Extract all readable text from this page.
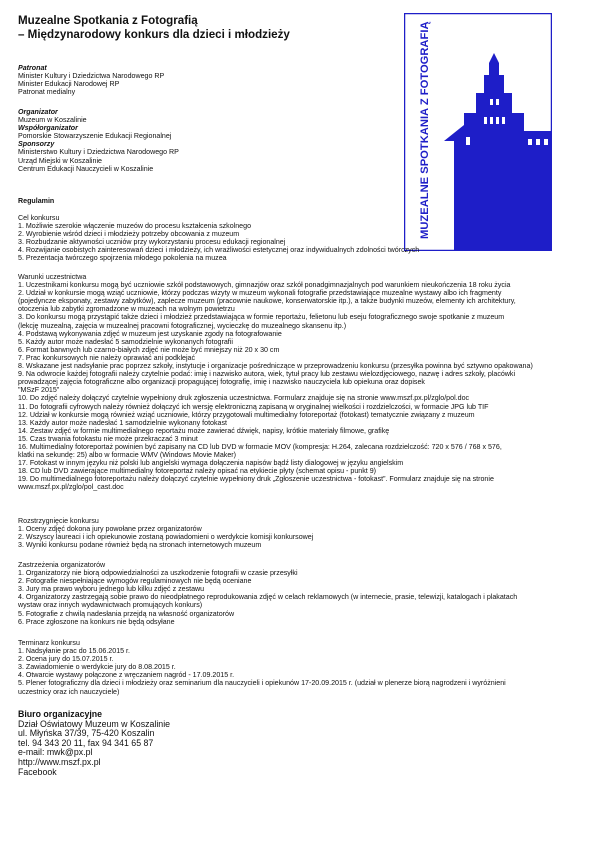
Muzealne Spotkania z Fotografią
– Międzynarodowy konkurs dla dzieci i młodzieży	MUZEALNE SPOTKANIA Z FOTOGRAFIĄ
Patronat
Minister Kultury i Dziedzictwa Narodowego RP
Minister Edukacji Narodowej RP
Patronat medialny
Organizator
Muzeum w Koszalinie
Współorganizator
Pomorskie Stowarzyszenie Edukacji Regionalnej
Sponsorzy
Ministerstwo Kultury i Dziedzictwa Narodowego RP
Urząd Miejski w Koszalinie
Centrum Edukacji Nauczycieli w Koszalinie
Regulamin
Cel konkursu
1. Możliwie szerokie włączenie muzeów do procesu kształcenia szkolnego
2. Wyrobienie wśród dzieci i młodzieży potrzeby obcowania z muzeum
3. Rozbudzanie aktywności uczniów przy wykorzystaniu procesu edukacji regionalnej
4. Rozwijanie osobistych zainteresowań dzieci i młodzieży, ich wrażliwości estetycznej oraz indywidualnych zdolności twórczych
5. Prezentacja twórczego spojrzenia młodego pokolenia na muzea
Warunki uczestnictwa
1. Uczestnikami konkursu mogą być uczniowie szkół podstawowych, gimnazjów oraz szkół ponadgimnazjalnych pod warunkiem nieukończenia 18 roku życia
2. Udział w konkursie mogą wziąć uczniowie, którzy podczas wizyty w muzeum wykonali fotografie przedstawiające muzealne wystawy albo ich fragmenty
(pojedyncze eksponaty, zestawy zabytków), zaplecze muzeum (pracownie naukowe, konserwatorskie itp.), a także budynki muzeów, elementy ich architektury,
otoczenia lub zabytki zgromadzone w muzeach na wolnym powietrzu
3. Do konkursu mogą przystąpić także dzieci i młodzież przedstawiająca w formie reportażu, felietonu lub eseju fotograficznego swoje spotkanie z muzeum
(lekcję muzealną, zajęcia w muzealnej pracowni fotograficznej, wycieczkę do muzealnego skansenu itp.)
4. Podstawą wykonywania zdjęć w muzeum jest uzyskanie zgody na fotografowanie
5. Każdy autor może nadesłać 5 samodzielnie wykonanych fotografii
6. Format barwnych lub czarno-białych zdjęć nie może być mniejszy niż 20 x 30 cm
7. Prac konkursowych nie należy oprawiać ani podklejać
8. Wskazane jest nadsyłanie prac poprzez szkoły, instytucje i organizacje pośredniczące w przeprowadzeniu konkursu (przesyłka powinna być sztywno opakowana)
9. Na odwrocie każdej fotografii należy czytelnie podać: imię i nazwisko autora, wiek, tytuł pracy lub zestawu wielozdjęciowego, nazwę i adres szkoły, placówki
prowadzącej zajęcia fotograficzne albo organizacji propagującej fotografię, imię i nazwisko nauczyciela lub opiekuna oraz dopisek
"MSzF 2015"
10. Do zdjęć należy dołączyć czytelnie wypełniony druk zgłoszenia uczestnictwa. Formularz znajduje się na stronie www.mszf.px.pl/zglo/pol.doc
11. Do fotografii cyfrowych należy również dołączyć ich wersję elektroniczną zapisaną w oryginalnej wielkości i rozdzielczości, w formacie JPG lub TIF
12. Udział w konkursie mogą również wziąć uczniowie, którzy przygotowali multimedialny fotoreportaż (fotokast) tematycznie związany z muzeum
13. Każdy autor może nadesłać 1 samodzielnie wykonany fotokast
14. Zestaw zdjęć w formie multimedialnego reportażu może zawierać dźwięk, napisy, krótkie materiały filmowe, grafikę
15. Czas trwania fotokastu nie może przekraczać 3 minut
16. Multimedialny fotoreportaż powinien być zapisany na CD lub DVD w formacie MOV (kompresja: H.264, zalecana rozdzielczość: 720 x 576 / 768 x 576,
klatki na sekundę: 25) albo w formacie WMV (Windows Movie Maker)
17. Fotokast w innym języku niż polski lub angielski wymaga dołączenia napisów bądź listy dialogowej w języku angielskim
18. CD lub DVD zawierające multimedialny fotoreportaż należy opisać na etykiecie płyty (schemat opisu - punkt 9)
19. Do multimedialnego fotoreportażu należy dołączyć czytelnie wypełniony druk „Zgłoszenie uczestnictwa - fotokast”. Formularz znajduje się na stronie
www.mszf.px.pl/zglo/pol_cast.doc
Rozstrzygnięcie konkursu
1. Oceny zdjęć dokona jury powołane przez organizatorów
2. Wszyscy laureaci i ich opiekunowie zostaną powiadomieni o werdykcie komisji konkursowej
3. Wyniki konkursu podane również będą na stronach internetowych muzeum
Zastrzeżenia organizatorów
1. Organizatorzy nie biorą odpowiedzialności za uszkodzenie fotografii w czasie przesyłki
2. Fotografie niespełniające wymogów regulaminowych nie będą oceniane
3. Jury ma prawo wyboru jednego lub kilku zdjęć z zestawu
4. Organizatorzy zastrzegają sobie prawo do nieodpłatnego reprodukowania zdjęć w celach reklamowych (w internecie, prasie, telewizji, katalogach i plakatach
wystaw oraz innych wydawnictwach promujących konkurs)
5. Fotografie z chwilą nadesłania przejdą na własność organizatorów
6. Prace zgłoszone na konkurs nie będą odsyłane
Terminarz konkursu
1. Nadsyłanie prac do 15.06.2015 r.
2. Ocena jury do 15.07.2015 r.
3. Zawiadomienie o werdykcie jury do 8.08.2015 r.
4. Otwarcie wystawy połączone z wręczaniem nagród - 17.09.2015 r.
5. Plener fotograficzny dla dzieci i młodzieży oraz seminarium dla nauczycieli i opiekunów 17-20.09.2015 r. (udział w plenerze biorą nagrodzeni i wyróżnieni
uczestnicy oraz ich nauczyciele)
Biuro organizacyjne
Dział Oświatowy Muzeum w Koszalinie
ul. Młyńska 37/39, 75-420 Koszalin
tel. 94 343 20 11, fax 94 341 65 87
e-mail: mwk@px.pl
http://www.mszf.px.pl
Facebook
